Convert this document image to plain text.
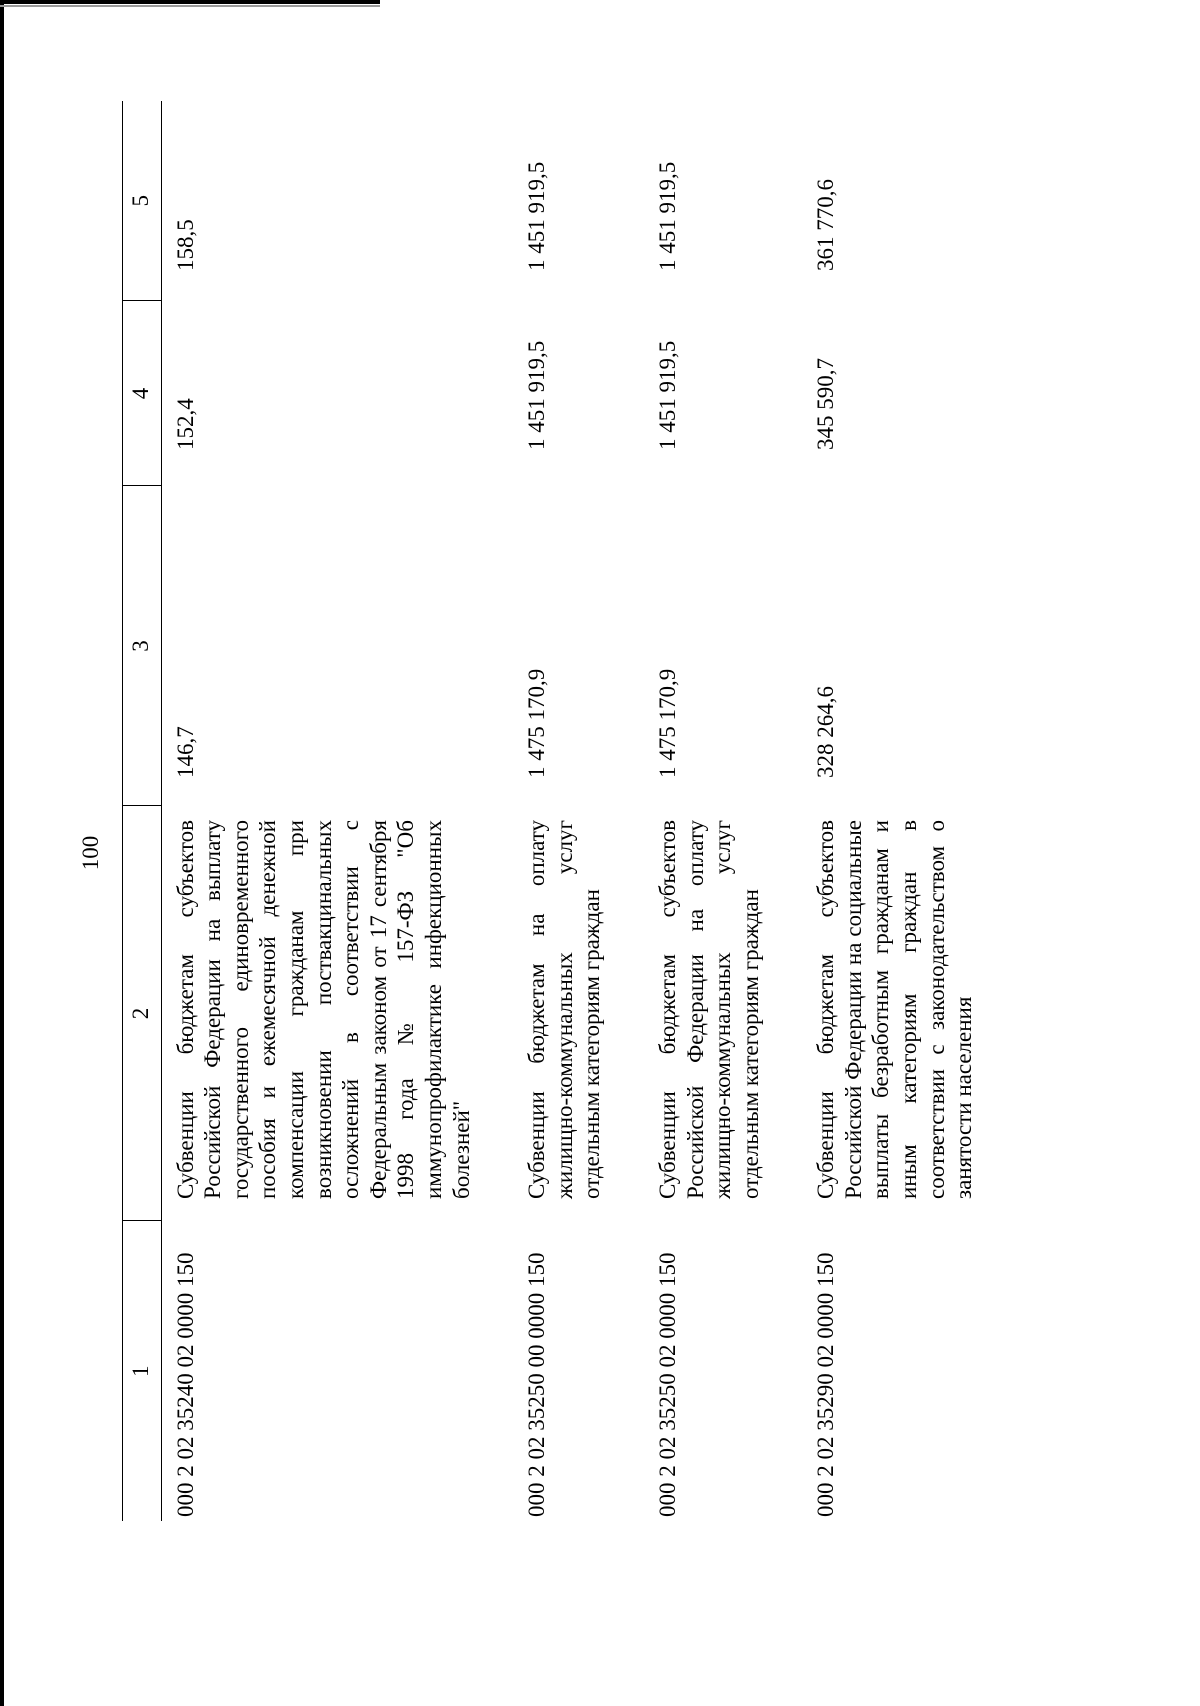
100
1	2	3	4	5
000 2 02 35240 02 0000 150	Субвенции бюджетам субъектов Российской Федерации на выплату государственного единовременного пособия и ежемесячной денежной компенсации гражданам при возникновении поствакцинальных осложнений в соответствии с Федеральным законом от 17 сентября 1998 года № 157-ФЗ "Об иммунопрофилактике инфекционных болезней"	146,7	152,4	158,5
000 2 02 35250 00 0000 150	Субвенции бюджетам на оплату жилищно-коммунальных услуг отдельным категориям граждан	1 475 170,9	1 451 919,5	1 451 919,5
000 2 02 35250 02 0000 150	Субвенции бюджетам субъектов Российской Федерации на оплату жилищно-коммунальных услуг отдельным категориям граждан	1 475 170,9	1 451 919,5	1 451 919,5
000 2 02 35290 02 0000 150	Субвенции бюджетам субъектов Российской Федерации на социальные выплаты безработным гражданам и иным категориям граждан в соответствии с законодательством о занятости населения	328 264,6	345 590,7	361 770,6
